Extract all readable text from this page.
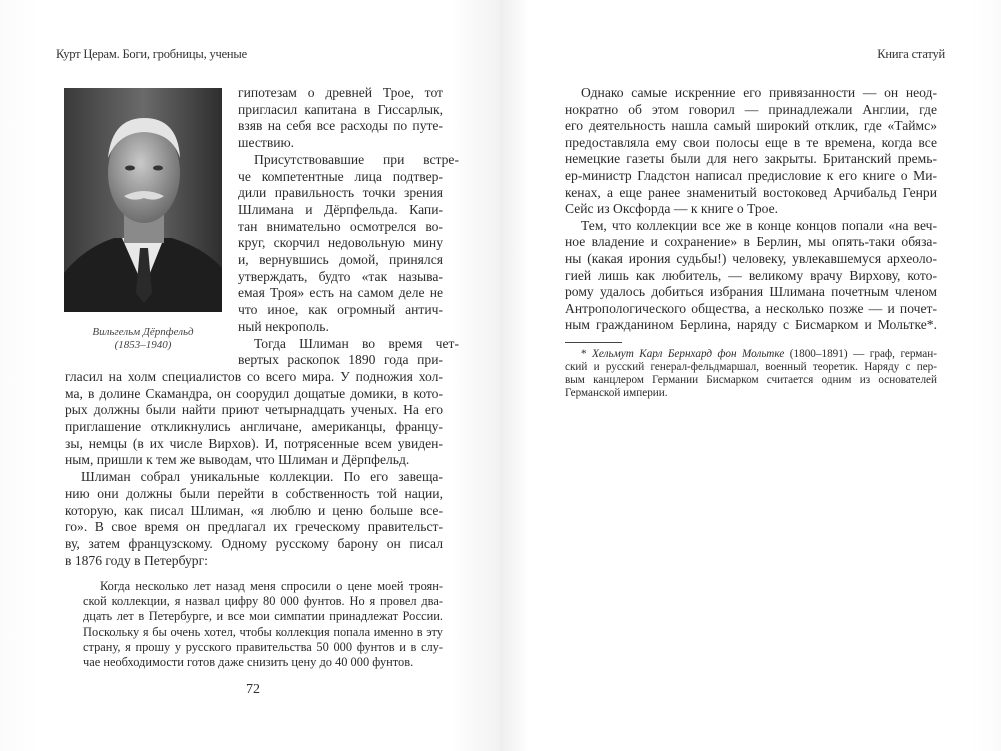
Курт Церам. Боги, гробницы, ученые
Вильгельм Дёрпфельд
(1853–1940)
гипотезам о древней Трое, тот
пригласил капитана в Гиссарлык,
взяв на себя все расходы по путе-
шествию.
Присутствовавшие при встре-
че компетентные лица подтвер-
дили правильность точки зрения
Шлимана и Дёрпфельда. Капи-
тан внимательно осмотрелся во-
круг, скорчил недовольную мину
и, вернувшись домой, принялся
утверждать, будто «так называ-
емая Троя» есть на самом деле не
что иное, как огромный антич-
ный некрополь.
Тогда Шлиман во время чет-
вертых раскопок 1890 года при-
гласил на холм специалистов со всего мира. У подножия хол-
ма, в долине Скамандра, он соорудил дощатые домики, в кото-
рых должны были найти приют четырнадцать ученых. На его
приглашение откликнулись англичане, американцы, францу-
зы, немцы (в их числе Вирхов). И, потрясенные всем увиден-
ным, пришли к тем же выводам, что Шлиман и Дёрпфельд.
Шлиман собрал уникальные коллекции. По его завеща-
нию они должны были перейти в собственность той нации,
которую, как писал Шлиман, «я люблю и ценю больше все-
го». В свое время он предлагал их греческому правительст-
ву, затем французскому. Одному русскому барону он писал
в 1876 году в Петербург:
Когда несколько лет назад меня спросили о цене моей троян-
ской коллекции, я назвал цифру 80 000 фунтов. Но я провел два-
дцать лет в Петербурге, и все мои симпатии принадлежат России.
Поскольку я бы очень хотел, чтобы коллекция попала именно в эту
страну, я прошу у русского правительства 50 000 фунтов и в слу-
чае необходимости готов даже снизить цену до 40 000 фунтов.
72
Книга статуй
Однако самые искренние его привязанности — он неод-
нократно об этом говорил — принадлежали Англии, где
его деятельность нашла самый широкий отклик, где «Таймс»
предоставляла ему свои полосы еще в те времена, когда все
немецкие газеты были для него закрыты. Британский премь-
ер-министр Гладстон написал предисловие к его книге о Ми-
кенах, а еще ранее знаменитый востоковед Арчибальд Генри
Сейс из Оксфорда — к книге о Трое.
Тем, что коллекции все же в конце концов попали «на веч-
ное владение и сохранение» в Берлин, мы опять-таки обяза-
ны (какая ирония судьбы!) человеку, увлекавшемуся археоло-
гией лишь как любитель, — великому врачу Вирхову, кото-
рому удалось добиться избрания Шлимана почетным членом
Антропологического общества, а несколько позже — и почет-
ным гражданином Берлина, наряду с Бисмарком и Мольтке*.
* Хельмут Карл Бернхард фон Мольтке (1800–1891) — граф, герман-
ский и русский генерал-фельдмаршал, военный теоретик. Наряду с пер-
вым канцлером Германии Бисмарком считается одним из основателей
Германской империи.
